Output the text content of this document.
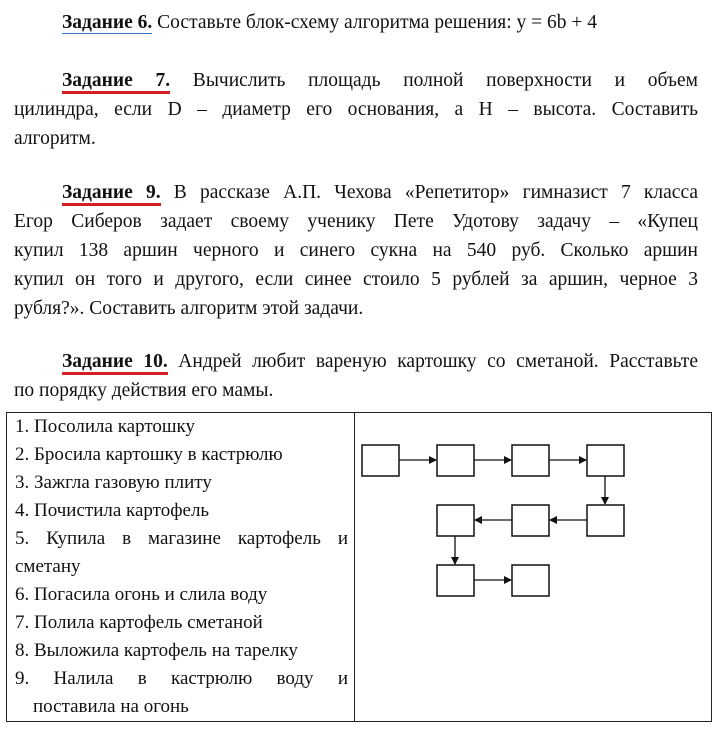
Задание 6. Составьте блок-схему алгоритма решения: y = 6b + 4

Задание 7. Вычислить площадь полной поверхности и объем

цилиндра, если D – диаметр его основания, а H – высота. Составить

алгоритм.

Задание 9. В рассказе А.П. Чехова «Репетитор» гимназист 7 класса

Егор Сиберов задает своему ученику Пете Удотову задачу – «Купец

купил 138 аршин черного и синего сукна на 540 руб. Сколько аршин

купил он того и другого, если синее стоило 5 рублей за аршин, черное 3

рубля?». Составить алгоритм этой задачи.

Задание 10. Андрей любит вареную картошку со сметаной. Расставьте

по порядку действия его мамы.

1. Посолила картошку
2. Бросила картошку в кастрюлю
3. Зажгла газовую плиту
4. Почистила картофель
5. Купила в магазине картофель и
сметану
6. Погасила огонь и слила воду
7. Полила картофель сметаной
8. Выложила картофель на тарелку
9. Налила в кастрюлю воду и
поставила на огонь
